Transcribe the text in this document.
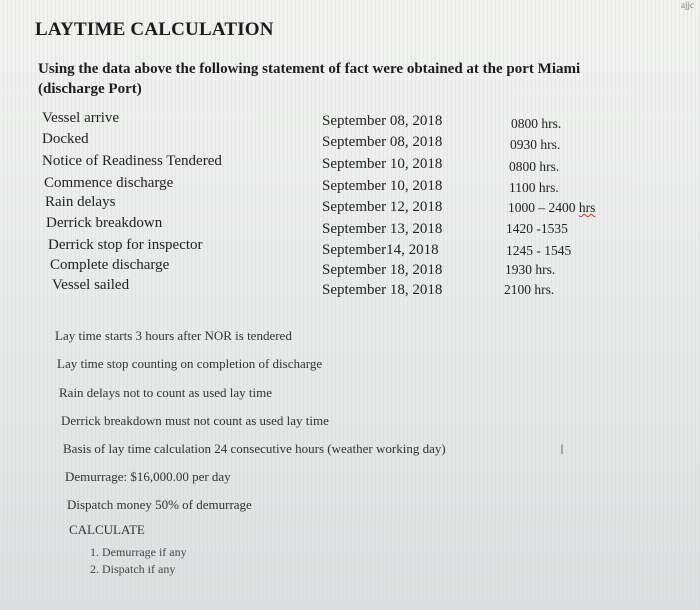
ajjc
LAYTIME CALCULATION
Using the data above the following statement of fact were obtained at the port Miami (discharge Port)
Vessel arrive
Docked
Notice of Readiness Tendered
Commence discharge
Rain delays
Derrick breakdown
Derrick stop for inspector
Complete discharge
Vessel sailed
September 08, 2018
September 08, 2018
September 10, 2018
September 10, 2018
September 12, 2018
September 13, 2018
September14, 2018
September 18, 2018
September 18, 2018
0800 hrs.
0930 hrs.
0800 hrs.
1100 hrs.
1000 – 2400 hrs
1420 -1535
1245 - 1545
1930 hrs.
2100 hrs.
Lay time starts 3 hours after NOR is tendered
Lay time stop counting on completion of discharge
Rain delays not to count as used lay time
Derrick breakdown must not count as used lay time
Basis of lay time calculation 24 consecutive hours (weather working day)
Demurrage: $16,000.00 per day
Dispatch money 50% of demurrage
CALCULATE
1. Demurrage if any
2. Dispatch if any
I
